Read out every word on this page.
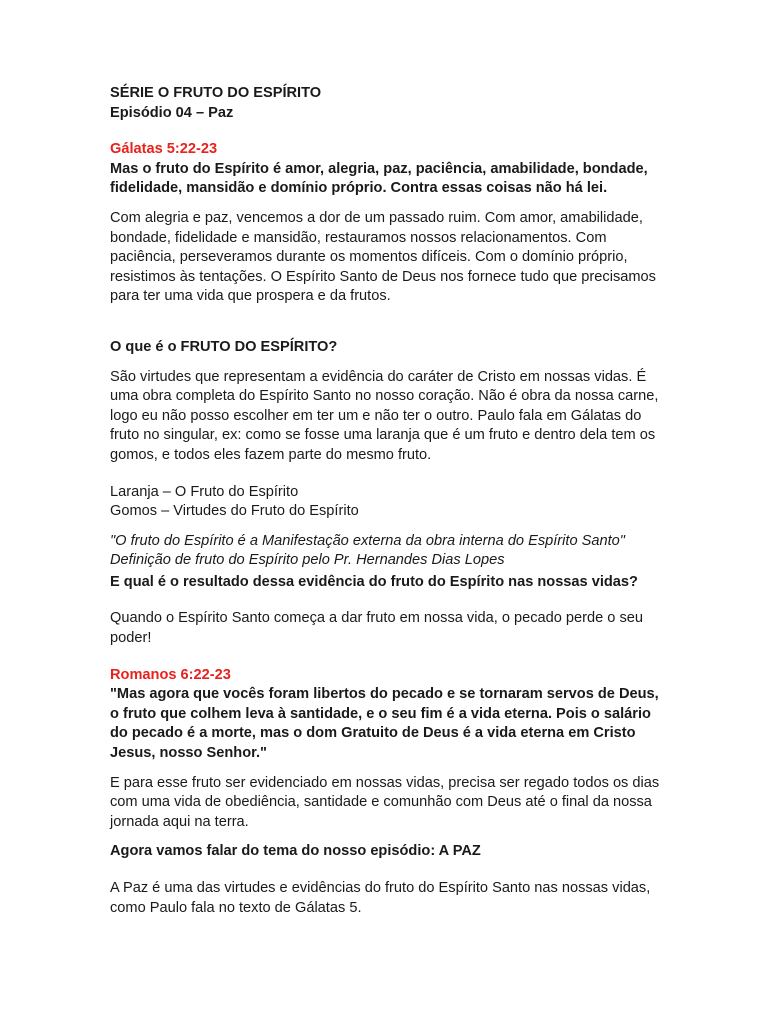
SÉRIE O FRUTO DO ESPÍRITO

Episódio 04 – Paz

Gálatas 5:22-23

Mas o fruto do Espírito é amor, alegria, paz, paciência, amabilidade, bondade, fidelidade, mansidão e domínio próprio. Contra essas coisas não há lei.

Com alegria e paz, vencemos a dor de um passado ruim. Com amor, amabilidade, bondade, fidelidade e mansidão, restauramos nossos relacionamentos. Com paciência, perseveramos durante os momentos difíceis. Com o domínio próprio, resistimos às tentações. O Espírito Santo de Deus nos fornece tudo que precisamos para ter uma vida que prospera e da frutos.

O que é o FRUTO DO ESPÍRITO?

São virtudes que representam a evidência do caráter de Cristo em nossas vidas. É uma obra completa do Espírito Santo no nosso coração. Não é obra da nossa carne, logo eu não posso escolher em ter um e não ter o outro. Paulo fala em Gálatas do fruto no singular, ex: como se fosse uma laranja que é um fruto e dentro dela tem os gomos, e todos eles fazem parte do mesmo fruto.

Laranja – O Fruto do Espírito

Gomos – Virtudes do Fruto do Espírito

"O fruto do Espírito é a Manifestação externa da obra interna do Espírito Santo"

Definição de fruto do Espírito pelo Pr. Hernandes Dias Lopes

E qual é o resultado dessa evidência do fruto do Espírito nas nossas vidas?

Quando o Espírito Santo começa a dar fruto em nossa vida, o pecado perde o seu poder!

Romanos 6:22-23

"Mas agora que vocês foram libertos do pecado e se tornaram servos de Deus, o fruto que colhem leva à santidade, e o seu fim é a vida eterna. Pois o salário do pecado é a morte, mas o dom Gratuito de Deus é a vida eterna em Cristo Jesus, nosso Senhor."

E para esse fruto ser evidenciado em nossas vidas, precisa ser regado todos os dias com uma vida de obediência, santidade e comunhão com Deus até o final da nossa jornada aqui na terra.

Agora vamos falar do tema do nosso episódio: A PAZ

A Paz é uma das virtudes e evidências do fruto do Espírito Santo nas nossas vidas, como Paulo fala no texto de Gálatas 5.
